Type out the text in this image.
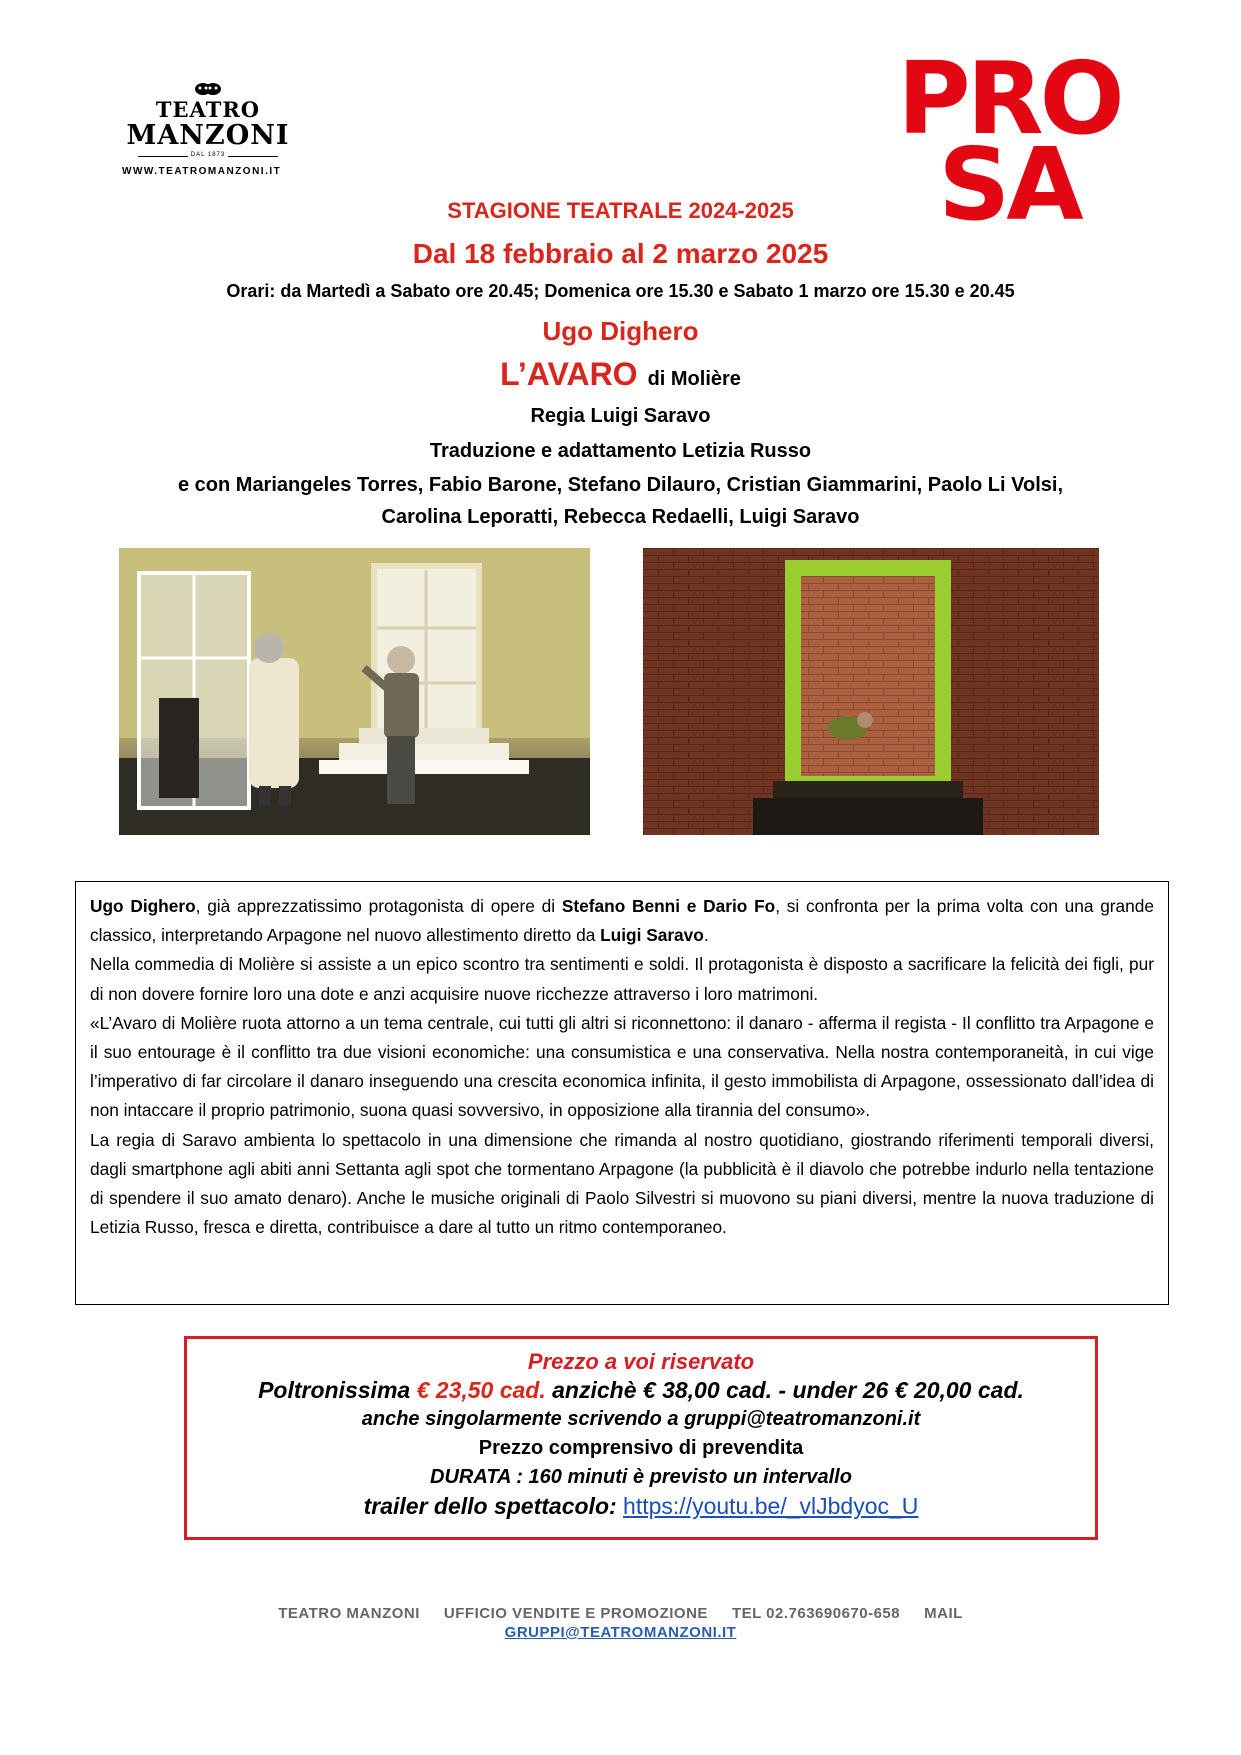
TEATRO
MANZONI
DAL 1873
WWW.TEATROMANZONI.IT
PRO
SA
STAGIONE TEATRALE 2024-2025
Dal 18 febbraio al 2 marzo 2025
Orari: da Martedì a Sabato ore 20.45; Domenica ore 15.30 e Sabato 1 marzo ore 15.30 e 20.45
Ugo Dighero
L’AVARO di Molière
Regia Luigi Saravo
Traduzione e adattamento Letizia Russo
e con Mariangeles Torres, Fabio Barone, Stefano Dilauro, Cristian Giammarini, Paolo Li Volsi,
Carolina Leporatti, Rebecca Redaelli, Luigi Saravo

Ugo Dighero, già apprezzatissimo protagonista di opere di Stefano Benni e Dario Fo, si confronta per la prima volta con una grande classico, interpretando Arpagone nel nuovo allestimento diretto da Luigi Saravo.

Nella commedia di Molière si assiste a un epico scontro tra sentimenti e soldi. Il protagonista è disposto a sacrificare la felicità dei figli, pur di non dovere fornire loro una dote e anzi acquisire nuove ricchezze attraverso i loro matrimoni.

«L’Avaro di Molière ruota attorno a un tema centrale, cui tutti gli altri si riconnettono: il danaro - afferma il regista - Il conflitto tra Arpagone e il suo entourage è il conflitto tra due visioni economiche: una consumistica e una conservativa. Nella nostra contemporaneità, in cui vige l’imperativo di far circolare il danaro inseguendo una crescita economica infinita, il gesto immobilista di Arpagone, ossessionato dall’idea di non intaccare il proprio patrimonio, suona quasi sovversivo, in opposizione alla tirannia del consumo».

La regia di Saravo ambienta lo spettacolo in una dimensione che rimanda al nostro quotidiano, giostrando riferimenti temporali diversi, dagli smartphone agli abiti anni Settanta agli spot che tormentano Arpagone (la pubblicità è il diavolo che potrebbe indurlo nella tentazione di spendere il suo amato denaro). Anche le musiche originali di Paolo Silvestri si muovono su piani diversi, mentre la nuova traduzione di Letizia Russo, fresca e diretta, contribuisce a dare al tutto un ritmo contemporaneo.

Prezzo a voi riservato
Poltronissima € 23,50 cad. anzichè € 38,00 cad. - under 26 € 20,00 cad.
anche singolarmente scrivendo a gruppi@teatromanzoni.it
Prezzo comprensivo di prevendita
DURATA : 160 minuti è previsto un intervallo
trailer dello spettacolo: https://youtu.be/_vlJbdyoc_U
TEATRO MANZONI UFFICIO VENDITE E PROMOZIONE TEL 02.763690670-658 MAIL
GRUPPI@TEATROMANZONI.IT
